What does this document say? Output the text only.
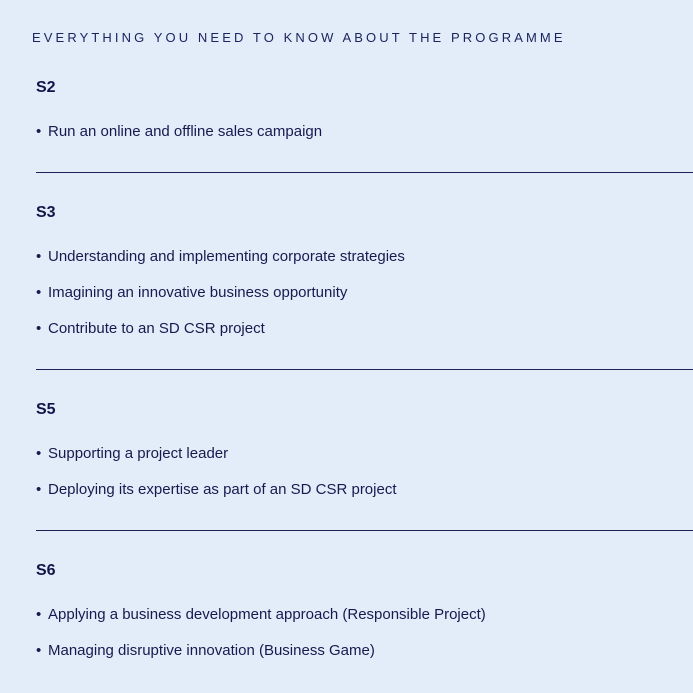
EVERYTHING YOU NEED TO KNOW ABOUT THE PROGRAMME
S2
• Run an online and offline sales campaign
S3
• Understanding and implementing corporate strategies
• Imagining an innovative business opportunity
• Contribute to an SD CSR project
S5
• Supporting a project leader
• Deploying its expertise as part of an SD CSR project
S6
• Applying a business development approach (Responsible Project)
• Managing disruptive innovation (Business Game)
